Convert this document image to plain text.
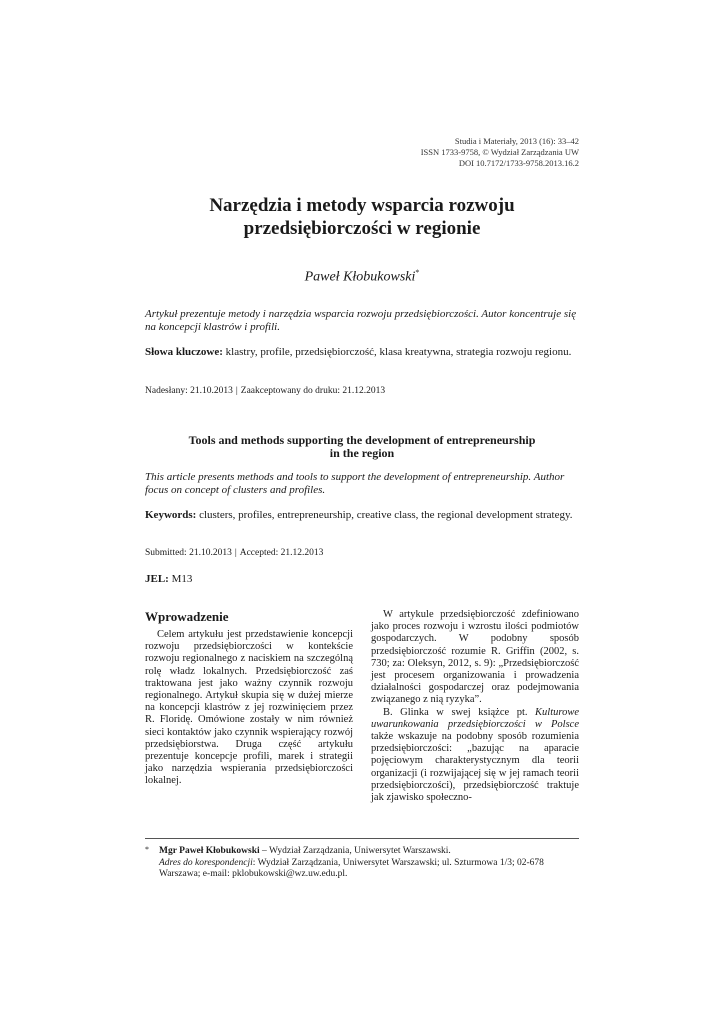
Studia i Materiały, 2013 (16): 33–42
ISSN 1733-9758, © Wydział Zarządzania UW
DOI 10.7172/1733-9758.2013.16.2
Narzędzia i metody wsparcia rozwoju
przedsiębiorczości w regionie
Paweł Kłobukowski*
Artykuł prezentuje metody i narzędzia wsparcia rozwoju przedsiębiorczości. Autor koncentruje się na koncepcji klastrów i profili.
Słowa kluczowe: klastry, profile, przedsiębiorczość, klasa kreatywna, strategia rozwoju regionu.
Nadesłany: 21.10.2013 | Zaakceptowany do druku: 21.12.2013
Tools and methods supporting the development of entrepreneurship
in the region
This article presents methods and tools to support the development of entrepreneurship. Author focus on concept of clusters and profiles.
Keywords: clusters, profiles, entrepreneurship, creative class, the regional development strategy.
Submitted: 21.10.2013 | Accepted: 21.12.2013
JEL: M13
Wprowadzenie

Celem artykułu jest przedstawienie koncepcji rozwoju przedsiębiorczości w kontekście rozwoju regionalnego z naciskiem na szczególną rolę władz lokalnych. Przedsiębiorczość zaś traktowana jest jako ważny czynnik rozwoju regionalnego. Artykuł skupia się w dużej mierze na koncepcji klastrów z jej rozwinięciem przez R. Floridę. Omówione zostały w nim również sieci kontaktów jako czynnik wspierający rozwój przedsiębiorstwa. Druga część artykułu prezentuje koncepcje profili, marek i strategii jako narzędzia wspierania przedsiębiorczości lokalnej.

W artykule przedsiębiorczość zdefiniowano jako proces rozwoju i wzrostu ilości podmiotów gospodarczych. W podobny sposób przedsiębiorczość rozumie R. Griffin (2002, s. 730; za: Oleksyn, 2012, s. 9): „Przedsiębiorczość jest procesem organizowania i prowadzenia działalności gospodarczej oraz podejmowania związanego z nią ryzyka”.

B. Glinka w swej książce pt. Kulturowe uwarunkowania przedsiębiorczości w Polsce także wskazuje na podobny sposób rozumienia przedsiębiorczości: „bazując na aparacie pojęciowym charakterystycznym dla teorii organizacji (i rozwijającej się w jej ramach teorii przedsiębiorczości), przedsiębiorczość traktuje jak zjawisko społeczno-

* Mgr Paweł Kłobukowski – Wydział Zarządzania, Uniwersytet Warszawski.
Adres do korespondencji: Wydział Zarządzania, Uniwersytet Warszawski; ul. Szturmowa 1/3; 02-678 Warszawa; e-mail: pklobukowski@wz.uw.edu.pl.
